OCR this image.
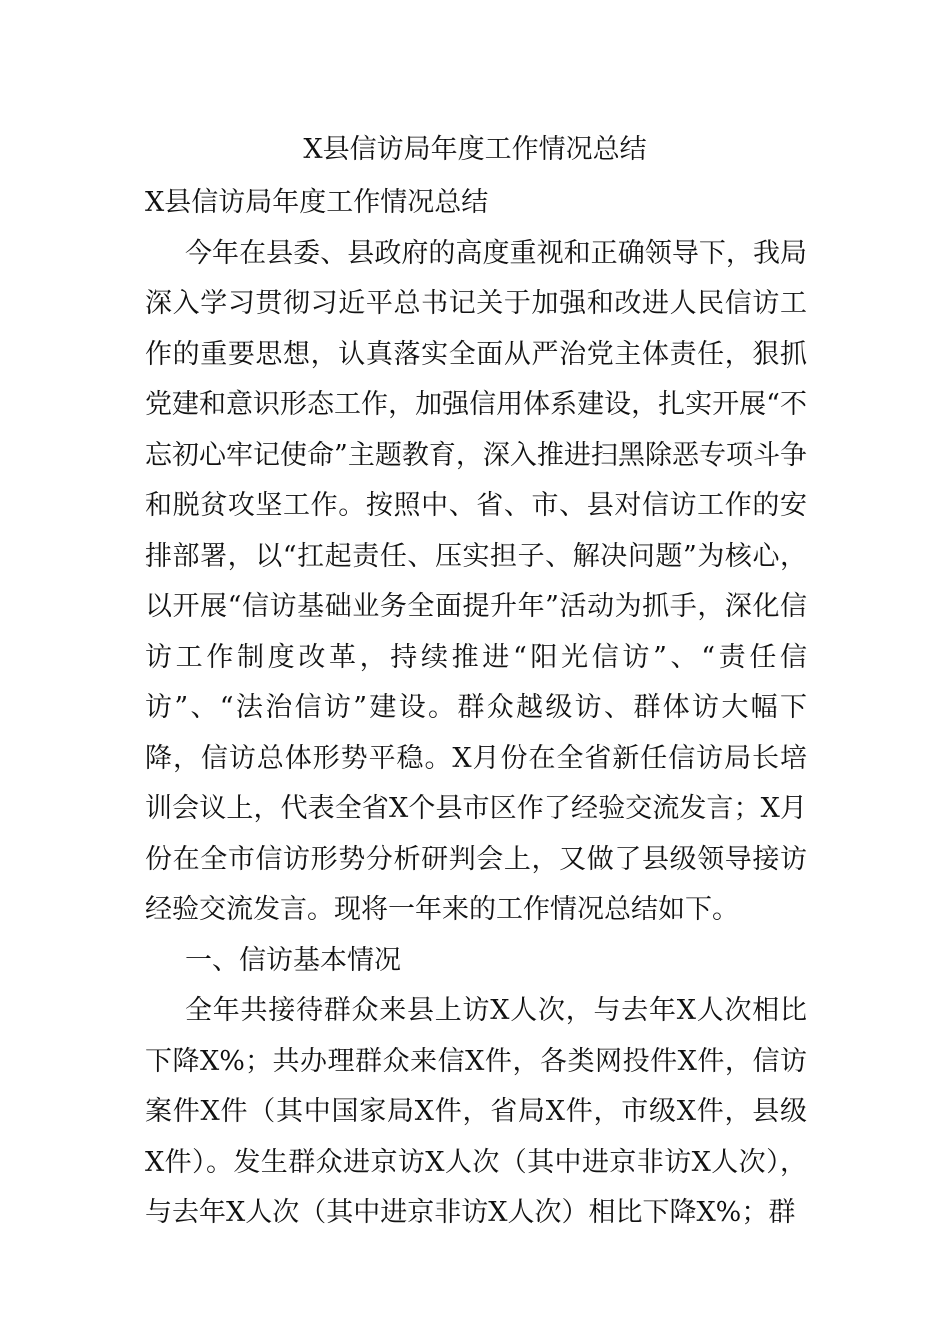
X县信访局年度工作情况总结

X县信访局年度工作情况总结

今年在县委、县政府的高度重视和正确领导下，我局深入学习贯彻习近平总书记关于加强和改进人民信访工作的重要思想，认真落实全面从严治党主体责任，狠抓党建和意识形态工作，加强信用体系建设，扎实开展“不忘初心牢记使命”主题教育，深入推进扫黑除恶专项斗争和脱贫攻坚工作。按照中、省、市、县对信访工作的安排部署，以“扛起责任、压实担子、解决问题”为核心，以开展“信访基础业务全面提升年”活动为抓手，深化信访工作制度改革，持续推进“阳光信访”、“责任信访”、“法治信访”建设。群众越级访、群体访大幅下降，信访总体形势平稳。X月份在全省新任信访局长培训会议上，代表全省X个县市区作了经验交流发言；X月份在全市信访形势分析研判会上，又做了县级领导接访经验交流发言。现将一年来的工作情况总结如下。

一、信访基本情况

全年共接待群众来县上访X人次，与去年X人次相比下降X%；共办理群众来信X件，各类网投件X件，信访案件X件（其中国家局X件，省局X件，市级X件，县级X件）。发生群众进京访X人次（其中进京非访X人次），与去年X人次（其中进京非访X人次）相比下降X%；群
